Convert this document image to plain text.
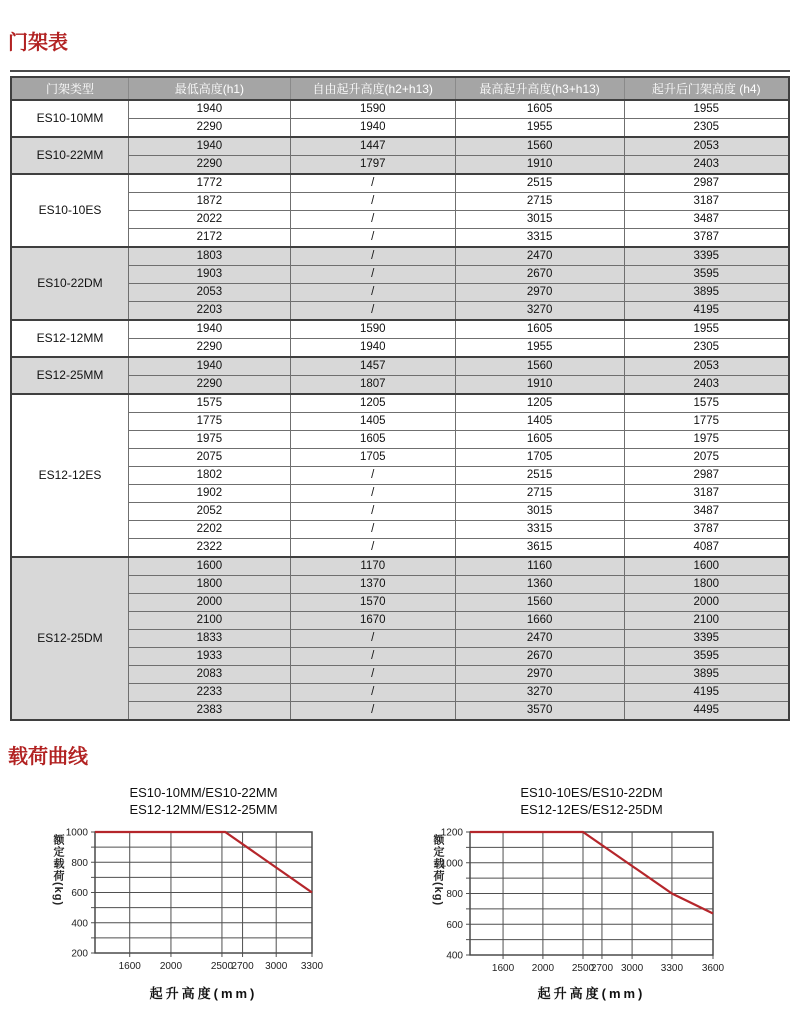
门架表
门架类型	最低高度(h1)	自由起升高度(h2+h13)	最高起升高度(h3+h13)	起升后门架高度 (h4)
ES10-10MM	1940	1590	1605	1955
	2290	1940	1955	2305
ES10-22MM	1940	1447	1560	2053
	2290	1797	1910	2403
ES10-10ES	1772	/	2515	2987
	1872	/	2715	3187
	2022	/	3015	3487
	2172	/	3315	3787
ES10-22DM	1803	/	2470	3395
	1903	/	2670	3595
	2053	/	2970	3895
	2203	/	3270	4195
ES12-12MM	1940	1590	1605	1955
	2290	1940	1955	2305
ES12-25MM	1940	1457	1560	2053
	2290	1807	1910	2403
ES12-12ES	1575	1205	1205	1575
	1775	1405	1405	1775
	1975	1605	1605	1975
	2075	1705	1705	2075
	1802	/	2515	2987
	1902	/	2715	3187
	2052	/	3015	3487
	2202	/	3315	3787
	2322	/	3615	4087
ES12-25DM	1600	1170	1160	1600
	1800	1370	1360	1800
	2000	1570	1560	2000
	2100	1670	1660	2100
	1833	/	2470	3395
	1933	/	2670	3595
	2083	/	2970	3895
	2233	/	3270	4195
	2383	/	3570	4495
载荷曲线
ES10-10MM/ES10-22MM
ES12-12MM/ES12-25MM
额定载荷(kg)
1000
800
600
400
200
1600 2000	2500
2700 3000 3300
起升高度(mm)
ES10-10ES/ES10-22DM
ES12-12ES/ES12-25DM
额定载荷(kg)
1200
1000
800
600
400
1600 2000 2500
2700 3000 3300 3600
起升高度(mm)
